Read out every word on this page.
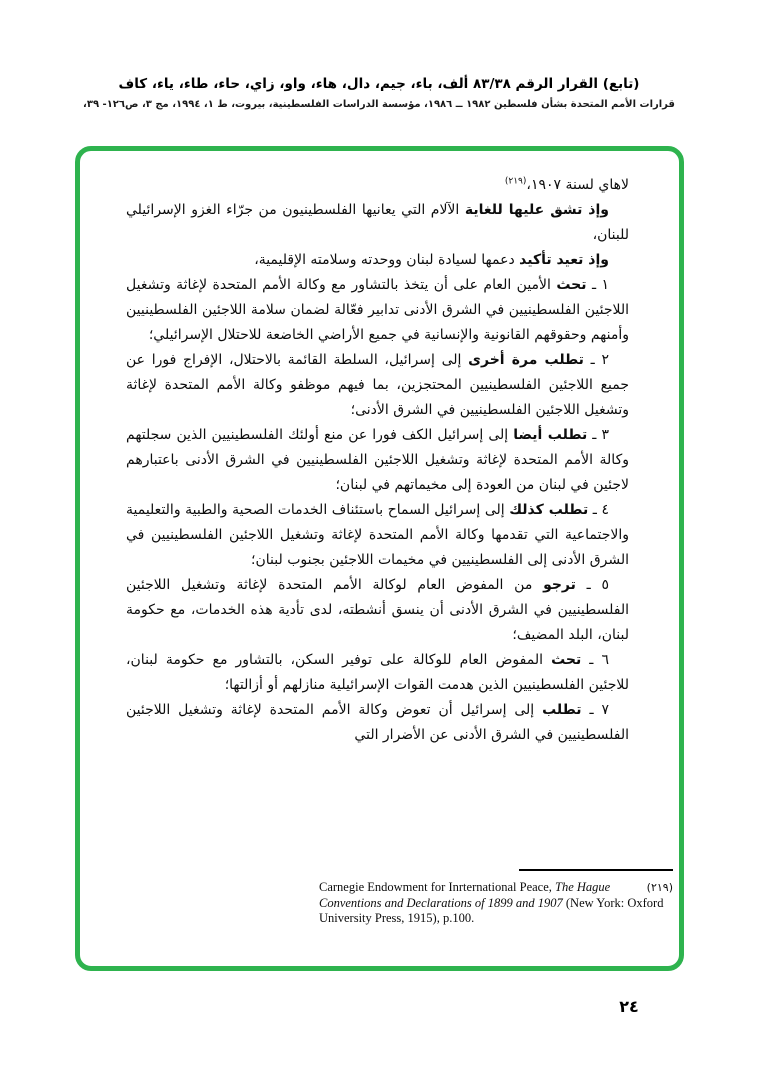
(تابع) القرار الرقم ٨٣/٣٨ ألف، باء، جيم، دال، هاء، واو، زاي، حاء، طاء، ياء، كاف
قرارات الأمم المتحدة بشأن فلسطين ١٩٨٢ ــ ١٩٨٦، مؤسسة الدراسات الفلسطينية، بيروت، ط ١، ١٩٩٤، مج ٣، ص١٢٦- ٣٩،

لاهاي لسنة ١٩٠٧،$^{(٢١٩)}$

وإذ تشق عليها للغاية الآلام التي يعانيها الفلسطينيون من جرّاء الغزو الإسرائيلي للبنان،

وإذ تعيد تأكيد دعمها لسيادة لبنان ووحدته وسلامته الإقليمية،

١ ـ تحث الأمين العام على أن يتخذ بالتشاور مع وكالة الأمم المتحدة لإغاثة وتشغيل اللاجئين الفلسطينيين في الشرق الأدنى تدابير فعّالة لضمان سلامة اللاجئين الفلسطينيين وأمنهم وحقوقهم القانونية والإنسانية في جميع الأراضي الخاضعة للاحتلال الإسرائيلي؛

٢ ـ تطلب مرة أخرى إلى إسرائيل، السلطة القائمة بالاحتلال، الإفراج فورا عن جميع اللاجئين الفلسطينيين المحتجزين، بما فيهم موظفو وكالة الأمم المتحدة لإغاثة وتشغيل اللاجئين الفلسطينيين في الشرق الأدنى؛

٣ ـ تطلب أيضا إلى إسرائيل الكف فورا عن منع أولئك الفلسطينيين الذين سجلتهم وكالة الأمم المتحدة لإغاثة وتشغيل اللاجئين الفلسطينيين في الشرق الأدنى باعتبارهم لاجئين في لبنان من العودة إلى مخيماتهم في لبنان؛

٤ ـ تطلب كذلك إلى إسرائيل السماح باستئناف الخدمات الصحية والطبية والتعليمية والاجتماعية التي تقدمها وكالة الأمم المتحدة لإغاثة وتشغيل اللاجئين الفلسطينيين في الشرق الأدنى إلى الفلسطينيين في مخيمات اللاجئين بجنوب لبنان؛

٥ ـ ترجو من المفوض العام لوكالة الأمم المتحدة لإغاثة وتشغيل اللاجئين الفلسطينيين في الشرق الأدنى أن ينسق أنشطته، لدى تأدية هذه الخدمات، مع حكومة لبنان، البلد المضيف؛

٦ ـ تحث المفوض العام للوكالة على توفير السكن، بالتشاور مع حكومة لبنان، للاجئين الفلسطينيين الذين هدمت القوات الإسرائيلية منازلهم أو أزالتها؛

٧ ـ تطلب إلى إسرائيل أن تعوض وكالة الأمم المتحدة لإغاثة وتشغيل اللاجئين الفلسطينيين في الشرق الأدنى عن الأضرار التي

(٢١٩)
Carnegie Endowment for Inrternational Peace, The Hague Conventions and Declarations of 1899 and 1907 (New York: Oxford University Press, 1915), p.100.

٢٤
